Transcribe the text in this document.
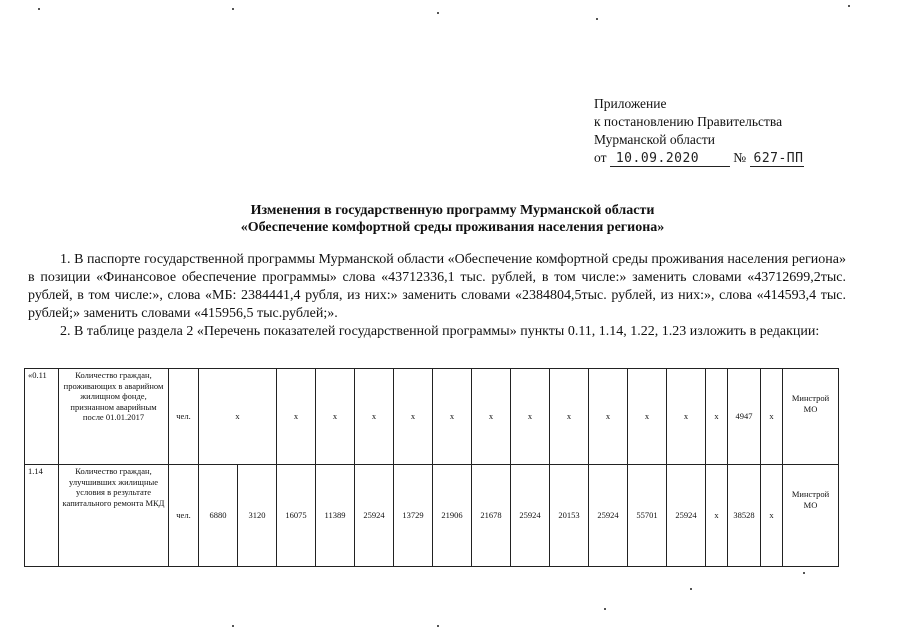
Приложение
к постановлению Правительства
Мурманской области
от 10.09.2020	№ 627-ПП
Изменения в государственную программу Мурманской области
«Обеспечение комфортной среды проживания населения региона»
1. В паспорте государственной программы Мурманской области «Обеспечение комфортной среды проживания населения региона» в позиции «Финансовое обеспечение программы» слова «43712336,1 тыс. рублей, в том числе:» заменить словами «43712699,2тыс. рублей, в том числе:», слова «МБ: 2384441,4 рубля, из них:» заменить словами «2384804,5тыс. рублей, из них:», слова «414593,4 тыс. рублей;» заменить словами «415956,5 тыс.рублей;».
2. В таблице раздела 2 «Перечень показателей государственной программы» пункты 0.11, 1.14, 1.22, 1.23 изложить в редакции:
«0.11	Количество граждан, проживающих в аварийном жилищном фонде, признанном аварийным после 01.01.2017	чел.	х		х	х	х	х	х	х	х	х	х	х	х	х	4947	х	Минстрой МО
1.14	Количество граждан, улучшивших жилищные условия в результате капитального ремонта МКД	чел.	6880	3120	16075	11389	25924	13729	21906	21678	25924	20153	25924	55701	25924	х	38528	х	Минстрой МО
